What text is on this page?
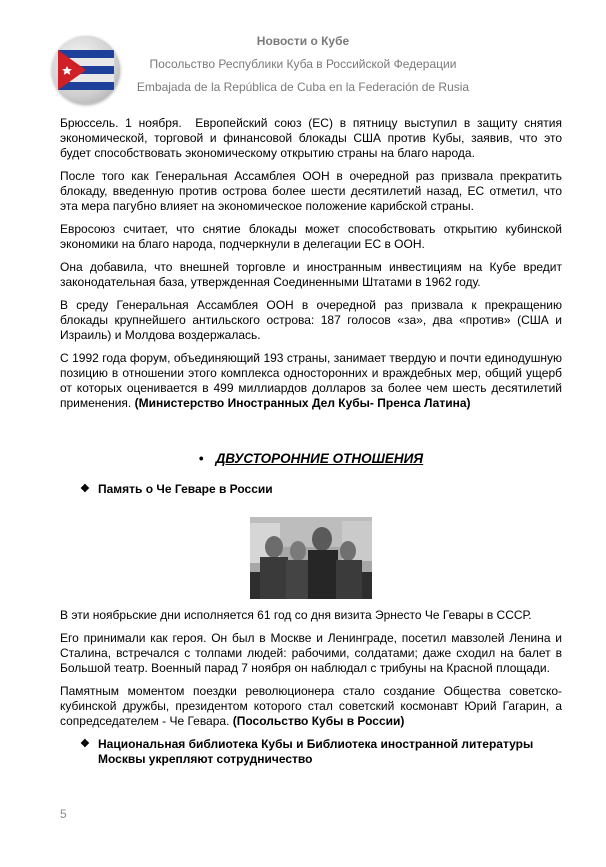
Новости о Кубе
Посольство Республики Куба в Российской Федерации
Embajada de la República de Cuba en la Federación de Rusia

Брюссель. 1 ноября. Европейский союз (ЕС) в пятницу выступил в защиту снятия экономической, торговой и финансовой блокады США против Кубы, заявив, что это будет способствовать экономическому открытию страны на благо народа.

После того как Генеральная Ассамблея ООН в очередной раз призвала прекратить блокаду, введенную против острова более шести десятилетий назад, ЕС отметил, что эта мера пагубно влияет на экономическое положение карибской страны.

Евросоюз считает, что снятие блокады может способствовать открытию кубинской экономики на благо народа, подчеркнули в делегации ЕС в ООН.

Она добавила, что внешней торговле и иностранным инвестициям на Кубе вредит законодательная база, утвержденная Соединенными Штатами в 1962 году.

В среду Генеральная Ассамблея ООН в очередной раз призвала к прекращению блокады крупнейшего антильского острова: 187 голосов «за», два «против» (США и Израиль) и Молдова воздержалась.

С 1992 года форум, объединяющий 193 страны, занимает твердую и почти единодушную позицию в отношении этого комплекса односторонних и враждебных мер, общий ущерб от которых оценивается в 499 миллиардов долларов за более чем шесть десятилетий применения. (Министерство Иностранных Дел Кубы- Пренса Латина)

• ДВУСТОРОННИЕ ОТНОШЕНИЯ
❖ Память о Че Геваре в России

В эти ноябрьские дни исполняется 61 год со дня визита Эрнесто Че Гевары в СССР.

Его принимали как героя. Он был в Москве и Ленинграде, посетил мавзолей Ленина и Сталина, встречался с толпами людей: рабочими, солдатами; даже сходил на балет в Большой театр. Военный парад 7 ноября он наблюдал с трибуны на Красной площади.

Памятным моментом поездки революционера стало создание Общества советско-кубинской дружбы, президентом которого стал советский космонавт Юрий Гагарин, а сопредседателем - Че Гевара. (Посольство Кубы в России)

❖ Национальная библиотека Кубы и Библиотека иностранной литературы Москвы укрепляют сотрудничество
5
